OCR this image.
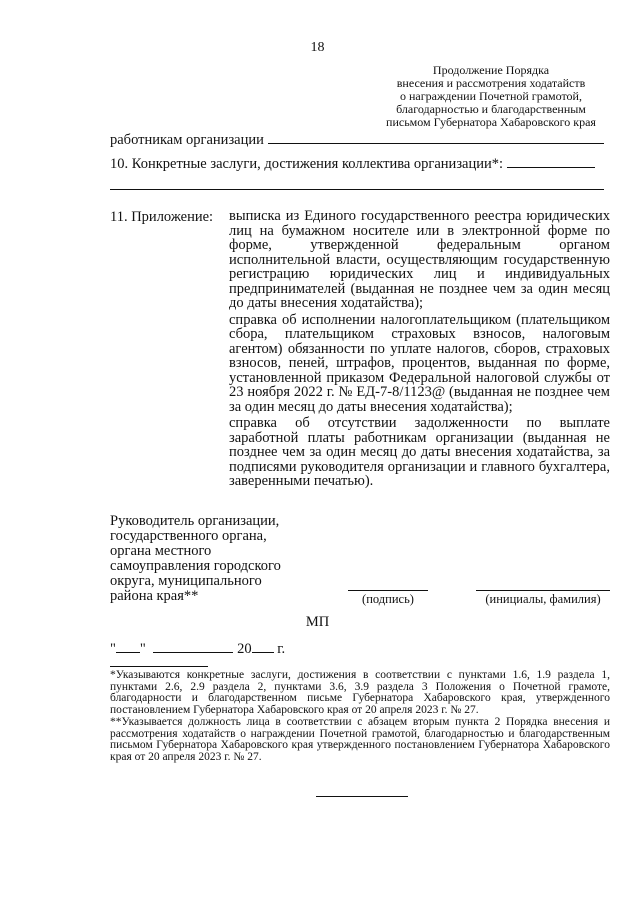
18
Продолжение Порядка
внесения и рассмотрения ходатайств
о награждении Почетной грамотой,
благодарностью и благодарственным
письмом Губернатора Хабаровского края
работникам организации
10. Конкретные заслуги, достижения коллектива организации*:
11. Приложение: выписка из Единого государственного реестра юридических лиц на бумажном носителе или в электронной форме по форме, утвержденной федеральным органом исполнительной власти, осуществляющим государственную регистрацию юридических лиц и индивидуальных предпринимателей (выданная не позднее чем за один месяц до даты внесения ходатайства);

справка об исполнении налогоплательщиком (плательщиком сбора, плательщиком страховых взносов, налоговым агентом) обязанности по уплате налогов, сборов, страховых взносов, пеней, штрафов, процентов, выданная по форме, установленной приказом Федеральной налоговой службы от 23 ноября 2022 г. № ЕД-7-8/1123@ (выданная не позднее чем за один месяц до даты внесения ходатайства);

справка об отсутствии задолженности по выплате заработной платы работникам организации (выданная не позднее чем за один месяц до даты внесения ходатайства, за подписями руководителя организации и главного бухгалтера, заверенными печатью).

Руководитель организации,
государственного органа,
органа местного
самоуправления городского
округа, муниципального
района края**	(подпись)	(инициалы, фамилия)
МП
" "	20 г.

*Указываются конкретные заслуги, достижения в соответствии с пунктами 1.6, 1.9 раздела 1, пунктами 2.6, 2.9 раздела 2, пунктами 3.6, 3.9 раздела 3 Положения о Почетной грамоте, благодарности и благодарственном письме Губернатора Хабаровского края, утвержденного постановлением Губернатора Хабаровского края от 20 апреля 2023 г. № 27.

**Указывается должность лица в соответствии с абзацем вторым пункта 2 Порядка внесения и рассмотрения ходатайств о награждении Почетной грамотой, благодарностью и благодарственным письмом Губернатора Хабаровского края утвержденного постановлением Губернатора Хабаровского края от 20 апреля 2023 г. № 27.
